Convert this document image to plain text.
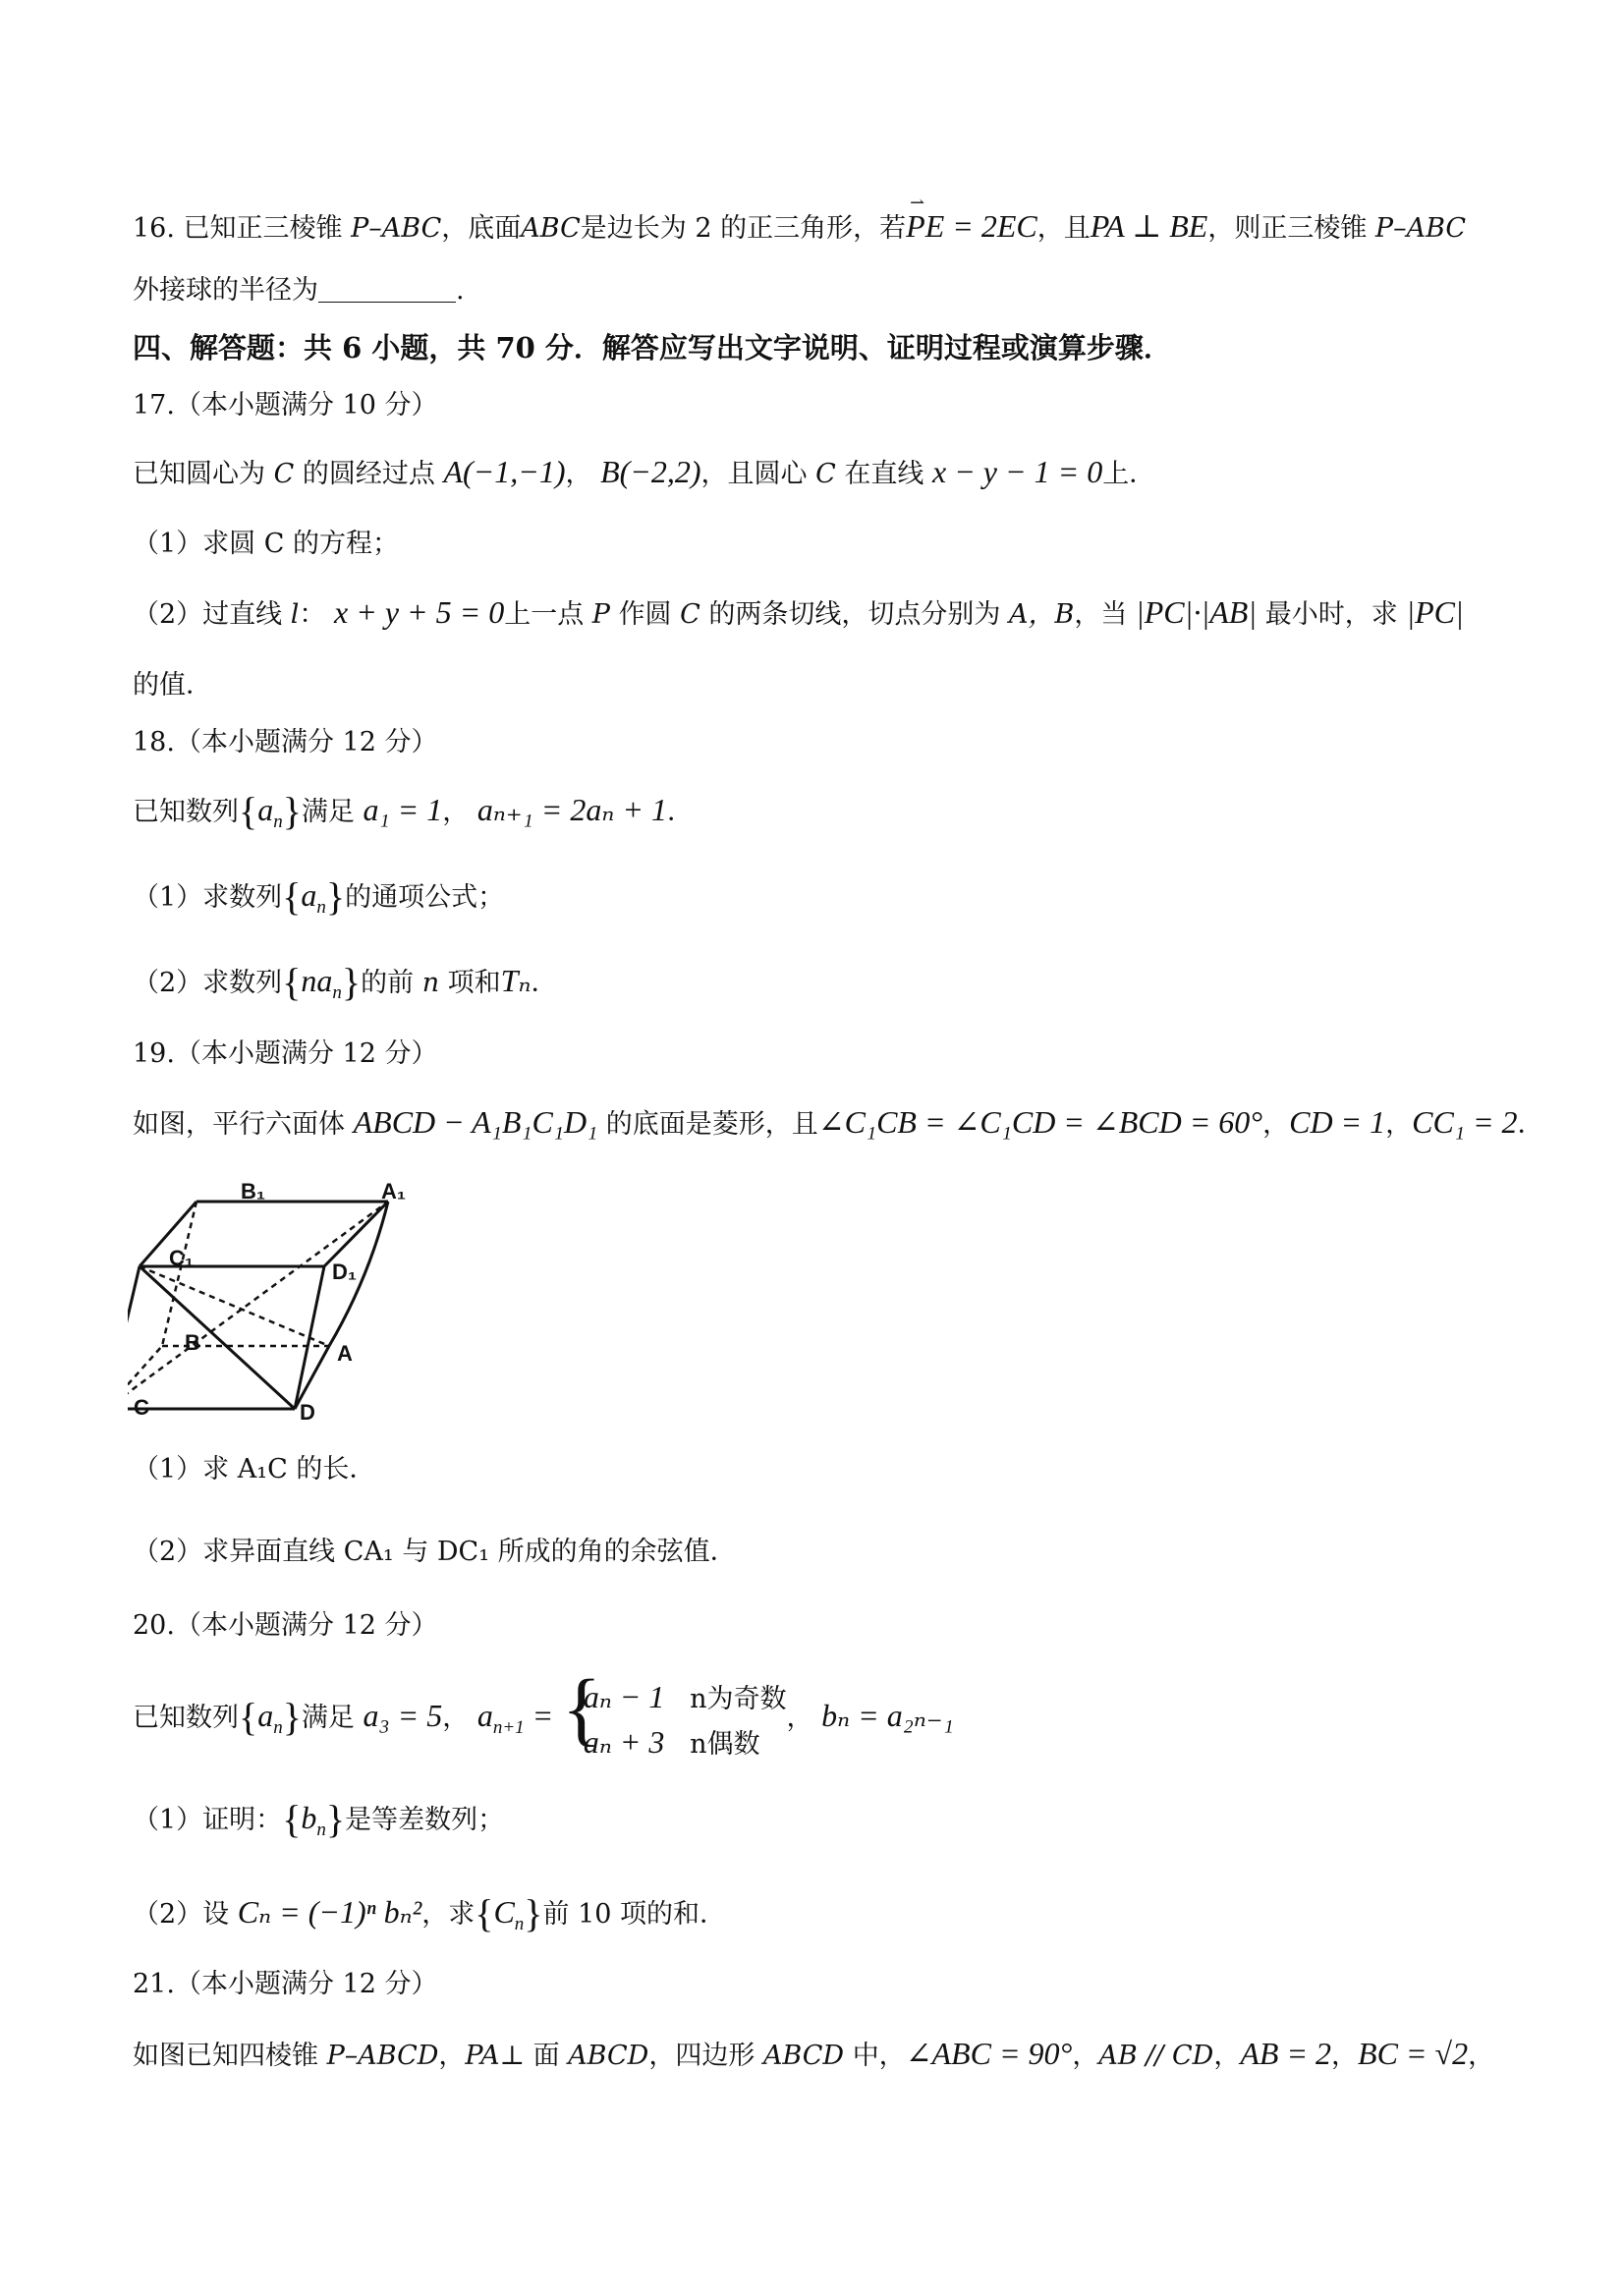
16. 已知正三棱锥 P–ABC，底面ABC是边长为 2 的正三角形，若⇀ PE = 2EC，且PA ⊥ BE，则正三棱锥 P–ABC
外接球的半径为	.
四、解答题：共 6 小题，共 70 分．解答应写出文字说明、证明过程或演算步骤．
17.（本小题满分 10 分）
已知圆心为 C 的圆经过点 A(−1,−1)， B(−2,2)，且圆心 C 在直线 x − y − 1 = 0上．
（1）求圆 C 的方程；
（2）过直线 l： x + y + 5 = 0上一点 P 作圆 C 的两条切线，切点分别为 A，B，当 |PC|·|AB| 最小时，求 |PC|
的值．
18.（本小题满分 12 分）
已知数列$\{a_n\}$满足 a₁ = 1， aₙ₊₁ = 2aₙ + 1．
（1）求数列$\{a_n\}$的通项公式；
（2）求数列$\{na_n\}$的前 n 项和Tₙ．
19.（本小题满分 12 分）
如图，平行六面体 ABCD − A₁B₁C₁D₁ 的底面是菱形，且∠C₁CB = ∠C₁CD = ∠BCD = 60°，CD = 1，CC₁ = 2．
B₁	A₁
C₁
D₁
B	A
C	D
（1）求 A₁C 的长．
（2）求异面直线 CA₁ 与 DC₁ 所成的角的余弦值．
20.（本小题满分 12 分）
已知数列$\{a_n\}$满足 a₃ = 5， $a_{n+1}$ = {
aₙ − 1 n为奇数
aₙ + 3 n偶数
， bₙ = a₂ₙ₋₁
（1）证明：$\{b_n\}$是等差数列；
（2）设 Cₙ = (−1)ⁿ bₙ²，求$\{C_n\}$前 10 项的和．
21.（本小题满分 12 分）
如图已知四棱锥 P–ABCD，PA⊥ 面 ABCD，四边形 ABCD 中，∠ABC = 90°，AB // CD，AB = 2，BC = √2，
